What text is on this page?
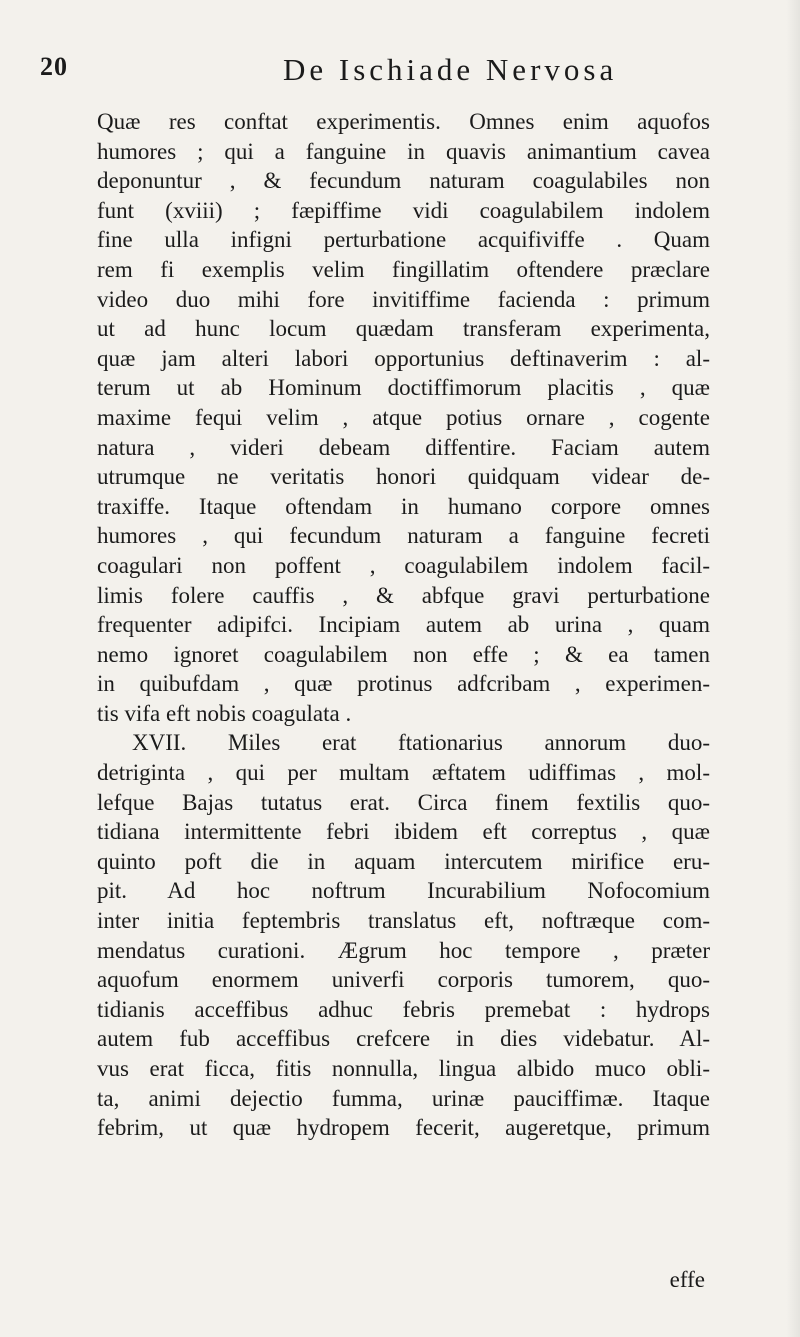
20	De Ischiade Nervosa
Quæ res conftat experimentis. Omnes enim aquofos
humores ; qui a fanguine in quavis animantium cavea
deponuntur , & fecundum naturam coagulabiles non
funt (xviii) ; fæpiffime vidi coagulabilem indolem
fine ulla infigni perturbatione acquifiviffe . Quam
rem fi exemplis velim fingillatim oftendere præclare
video duo mihi fore invitiffime facienda : primum
ut ad hunc locum quædam transferam experimenta,
quæ jam alteri labori opportunius deftinaverim : al-
terum ut ab Hominum doctiffimorum placitis , quæ
maxime fequi velim , atque potius ornare , cogente
natura , videri debeam diffentire. Faciam autem
utrumque ne veritatis honori quidquam videar de-
traxiffe. Itaque oftendam in humano corpore omnes
humores , qui fecundum naturam a fanguine fecreti
coagulari non poffent , coagulabilem indolem facil-
limis folere cauffis , & abfque gravi perturbatione
frequenter adipifci. Incipiam autem ab urina , quam
nemo ignoret coagulabilem non effe ; & ea tamen
in quibufdam , quæ protinus adfcribam , experimen-
tis vifa eft nobis coagulata .
XVII. Miles erat ftationarius annorum duo-
detriginta , qui per multam æftatem udiffimas , mol-
lefque Bajas tutatus erat. Circa finem fextilis quo-
tidiana intermittente febri ibidem eft correptus , quæ
quinto poft die in aquam intercutem mirifice eru-
pit. Ad hoc noftrum Incurabilium Nofocomium
inter initia feptembris translatus eft, noftræque com-
mendatus curationi. Ægrum hoc tempore , præter
aquofum enormem univerfi corporis tumorem, quo-
tidianis acceffibus adhuc febris premebat : hydrops
autem fub acceffibus crefcere in dies videbatur. Al-
vus erat ficca, fitis nonnulla, lingua albido muco obli-
ta, animi dejectio fumma, urinæ pauciffimæ. Itaque
febrim, ut quæ hydropem fecerit, augeretque, primum
effe
